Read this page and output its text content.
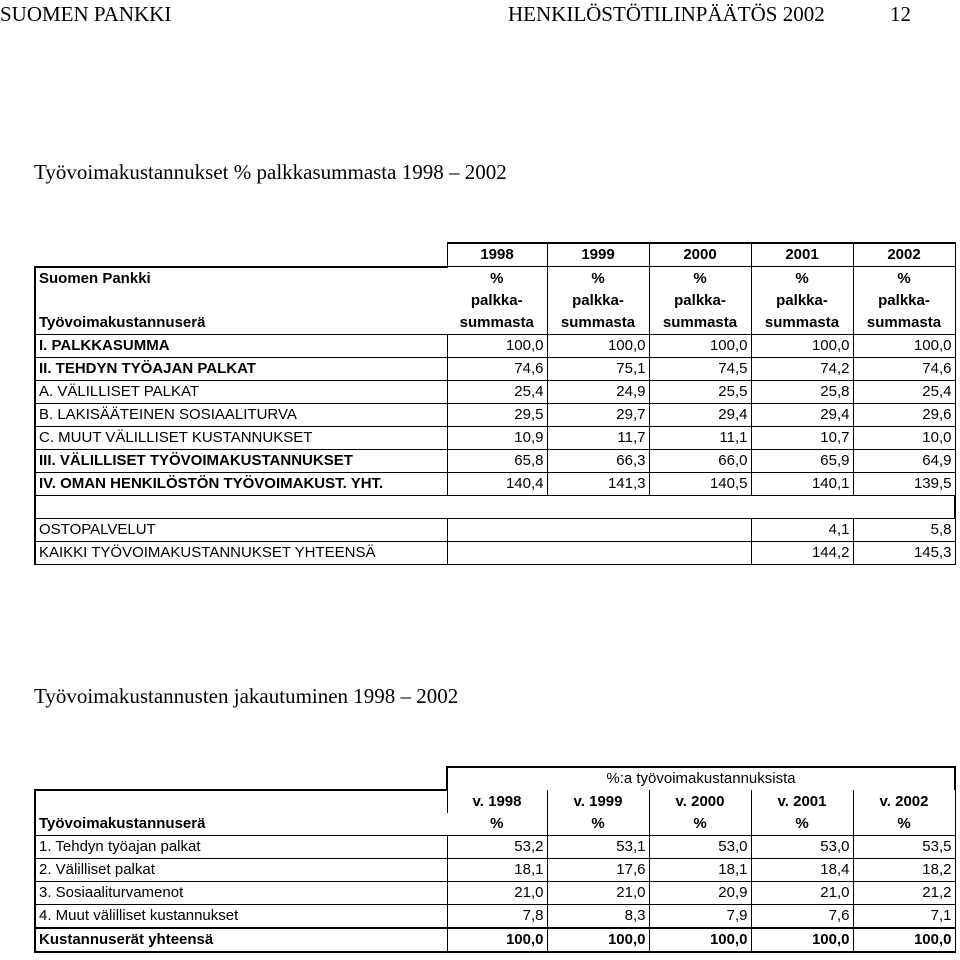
SUOMEN PANKKI	HENKILÖSTÖTILINPÄÄTÖS 2002	12
Työvoimakustannukset % palkkasummasta 1998 – 2002
	1998	1999	2000	2001	2002
Suomen Pankki	%	%	%	%	%
	palkka-	palkka-	palkka-	palkka-	palkka-
Työvoimakustannuserä	summasta	summasta	summasta	summasta	summasta
I. PALKKASUMMA	100,0	100,0	100,0	100,0	100,0
II. TEHDYN TYÖAJAN PALKAT	74,6	75,1	74,5	74,2	74,6
A. VÄLILLISET PALKAT	25,4	24,9	25,5	25,8	25,4
B. LAKISÄÄTEINEN SOSIAALITURVA	29,5	29,7	29,4	29,4	29,6
C. MUUT VÄLILLISET KUSTANNUKSET	10,9	11,7	11,1	10,7	10,0
III. VÄLILLISET TYÖVOIMAKUSTANNUKSET	65,8	66,3	66,0	65,9	64,9
IV. OMAN HENKILÖSTÖN TYÖVOIMAKUST. YHT.	140,4	141,3	140,5	140,1	139,5

OSTOPALVELUT				4,1	5,8
KAIKKI TYÖVOIMAKUSTANNUKSET YHTEENSÄ				144,2	145,3
Työvoimakustannusten jakautuminen 1998 – 2002
	%:a työvoimakustannuksista				
	v. 1998	v. 1999	v. 2000	v. 2001	v. 2002
Työvoimakustannuserä	%	%	%	%	%
1. Tehdyn työajan palkat	53,2	53,1	53,0	53,0	53,5
2. Välilliset palkat	18,1	17,6	18,1	18,4	18,2
3. Sosiaaliturvamenot	21,0	21,0	20,9	21,0	21,2
4. Muut välilliset kustannukset	7,8	8,3	7,9	7,6	7,1
Kustannuserät yhteensä	100,0	100,0	100,0	100,0	100,0
